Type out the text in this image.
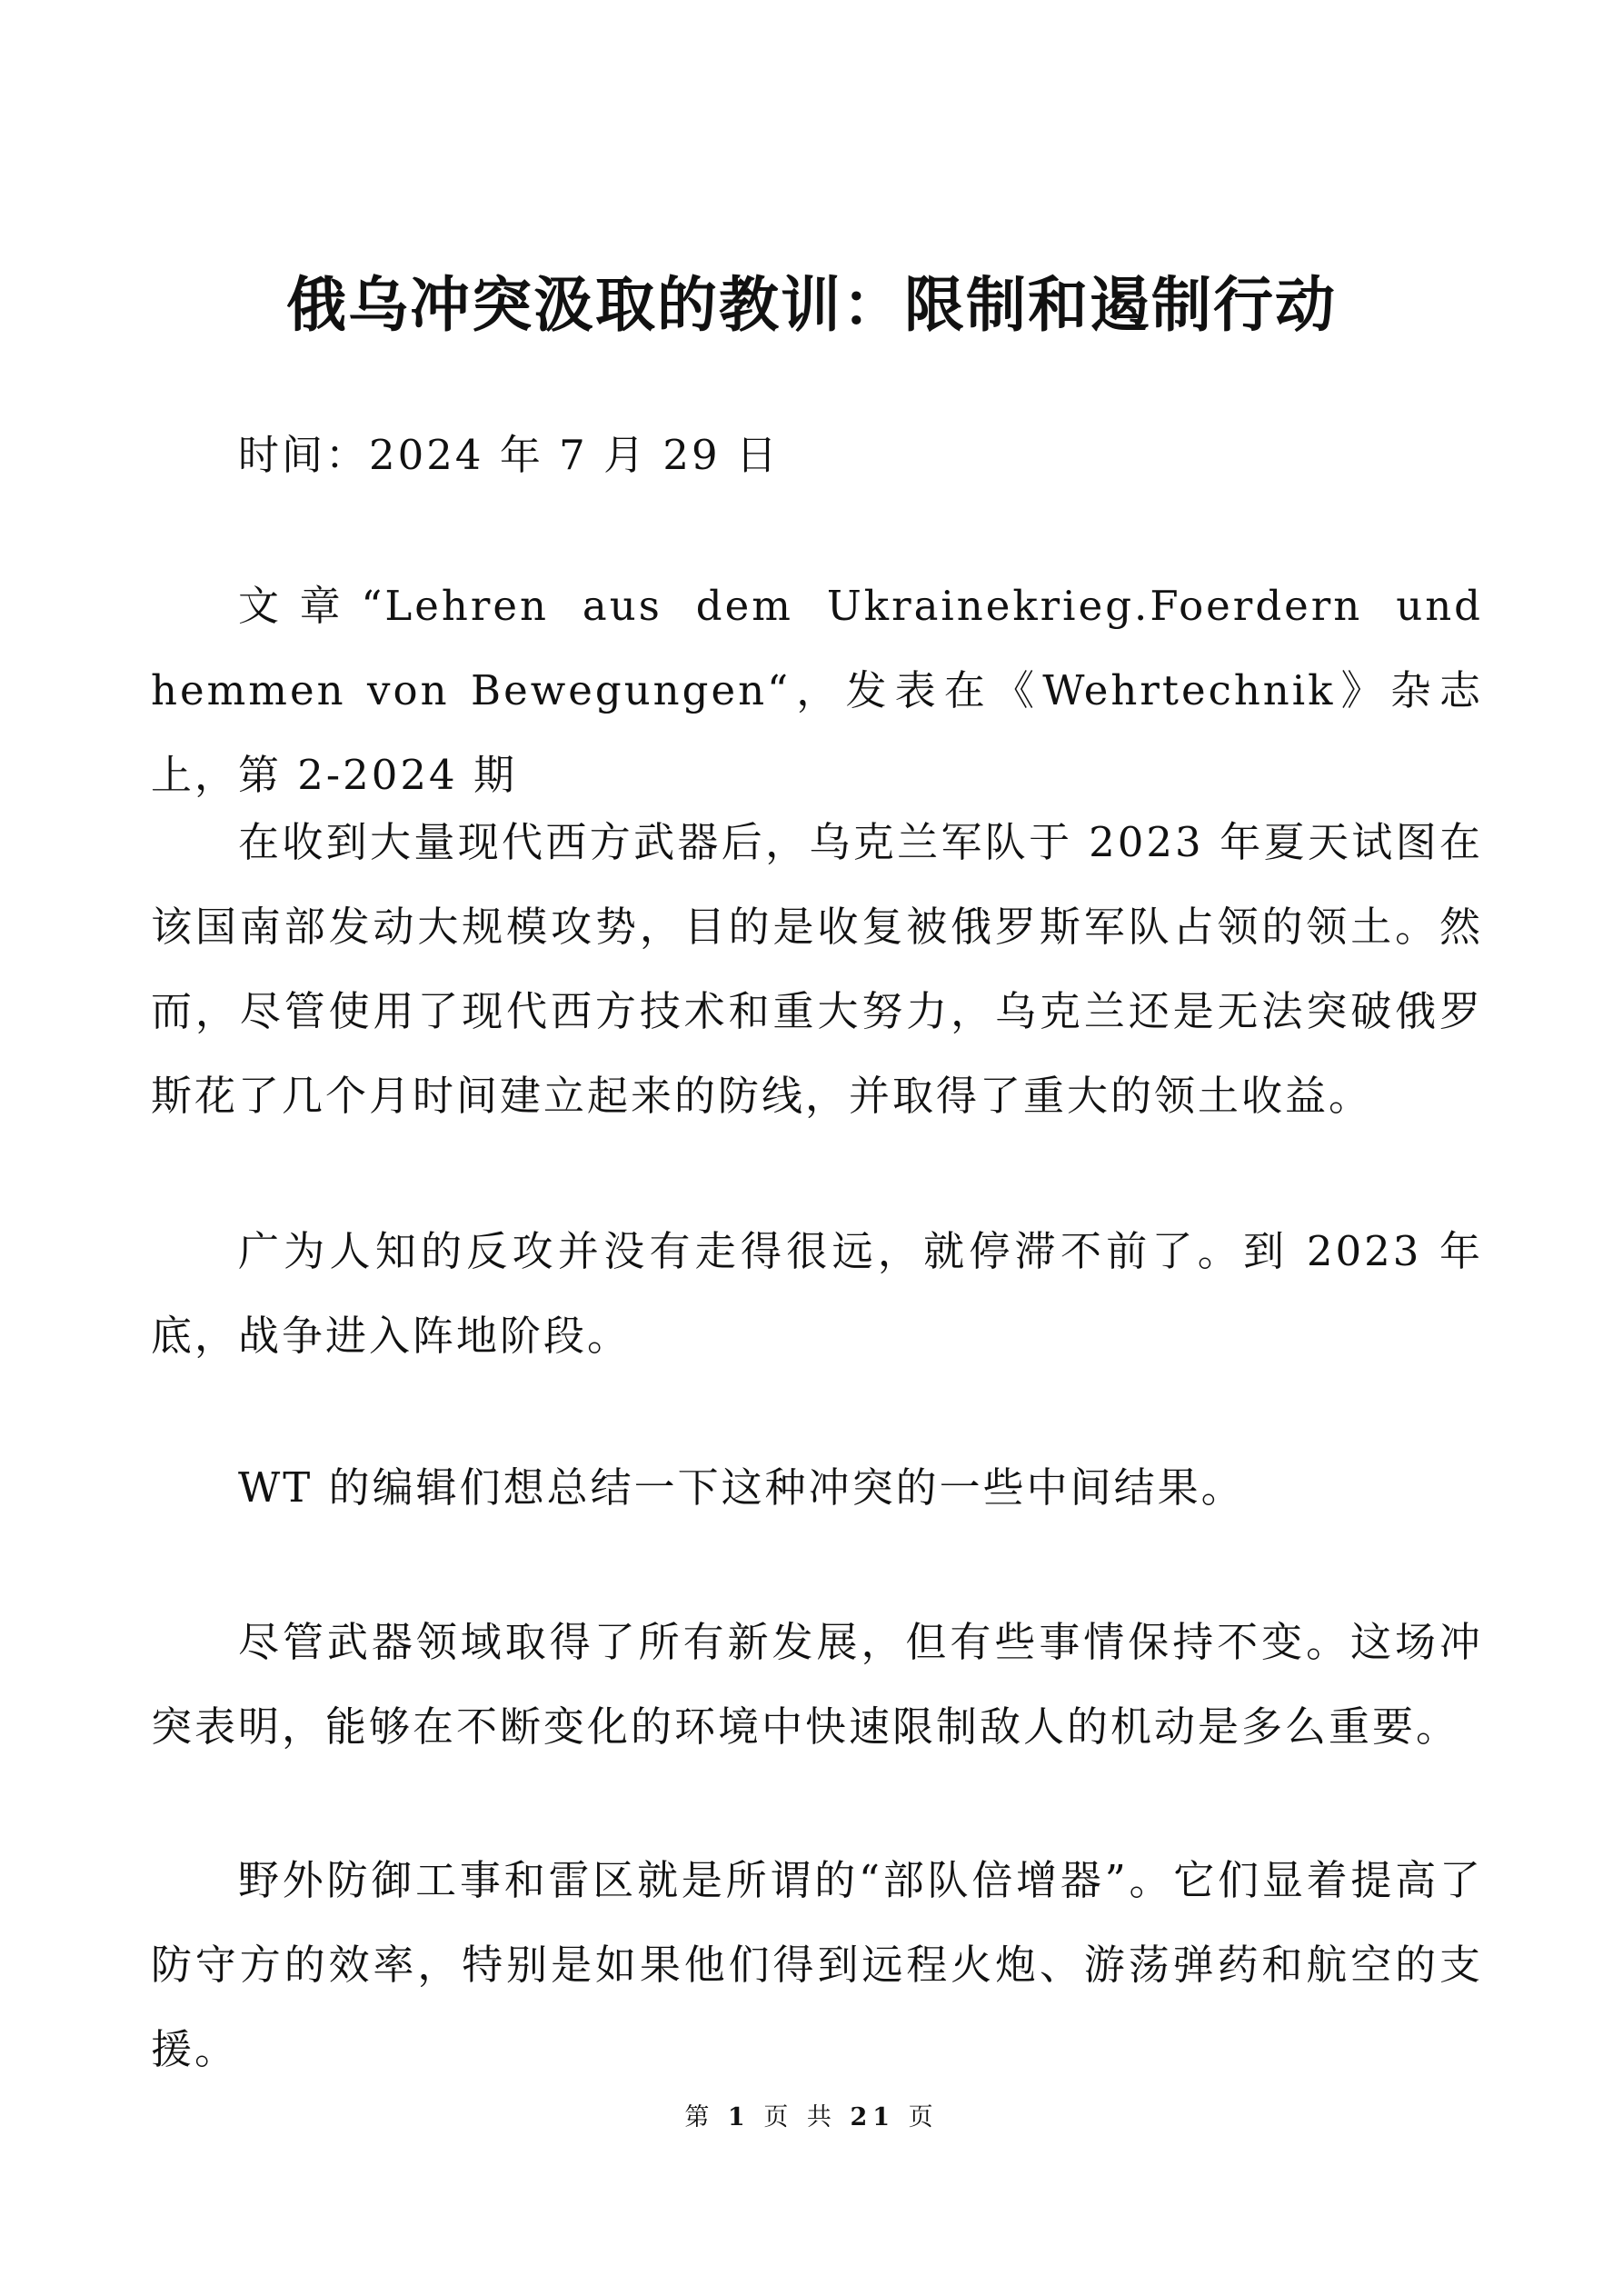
俄乌冲突汲取的教训：限制和遏制行动

时间：2024 年 7 月 29 日

文章“Lehren aus dem Ukrainekrieg.Foerdern und hemmen von Bewegungen“，发表在《Wehrtechnik》杂志上，第 2-2024 期

在收到大量现代西方武器后，乌克兰军队于 2023 年夏天试图在该国南部发动大规模攻势，目的是收复被俄罗斯军队占领的领土。然而，尽管使用了现代西方技术和重大努力，乌克兰还是无法突破俄罗斯花了几个月时间建立起来的防线，并取得了重大的领土收益。

广为人知的反攻并没有走得很远，就停滞不前了。到 2023 年底，战争进入阵地阶段。

WT 的编辑们想总结一下这种冲突的一些中间结果。

尽管武器领域取得了所有新发展，但有些事情保持不变。这场冲突表明，能够在不断变化的环境中快速限制敌人的机动是多么重要。

野外防御工事和雷区就是所谓的“部队倍增器”。它们显着提高了防守方的效率，特别是如果他们得到远程火炮、游荡弹药和航空的支援。

第 1 页 共 21 页
